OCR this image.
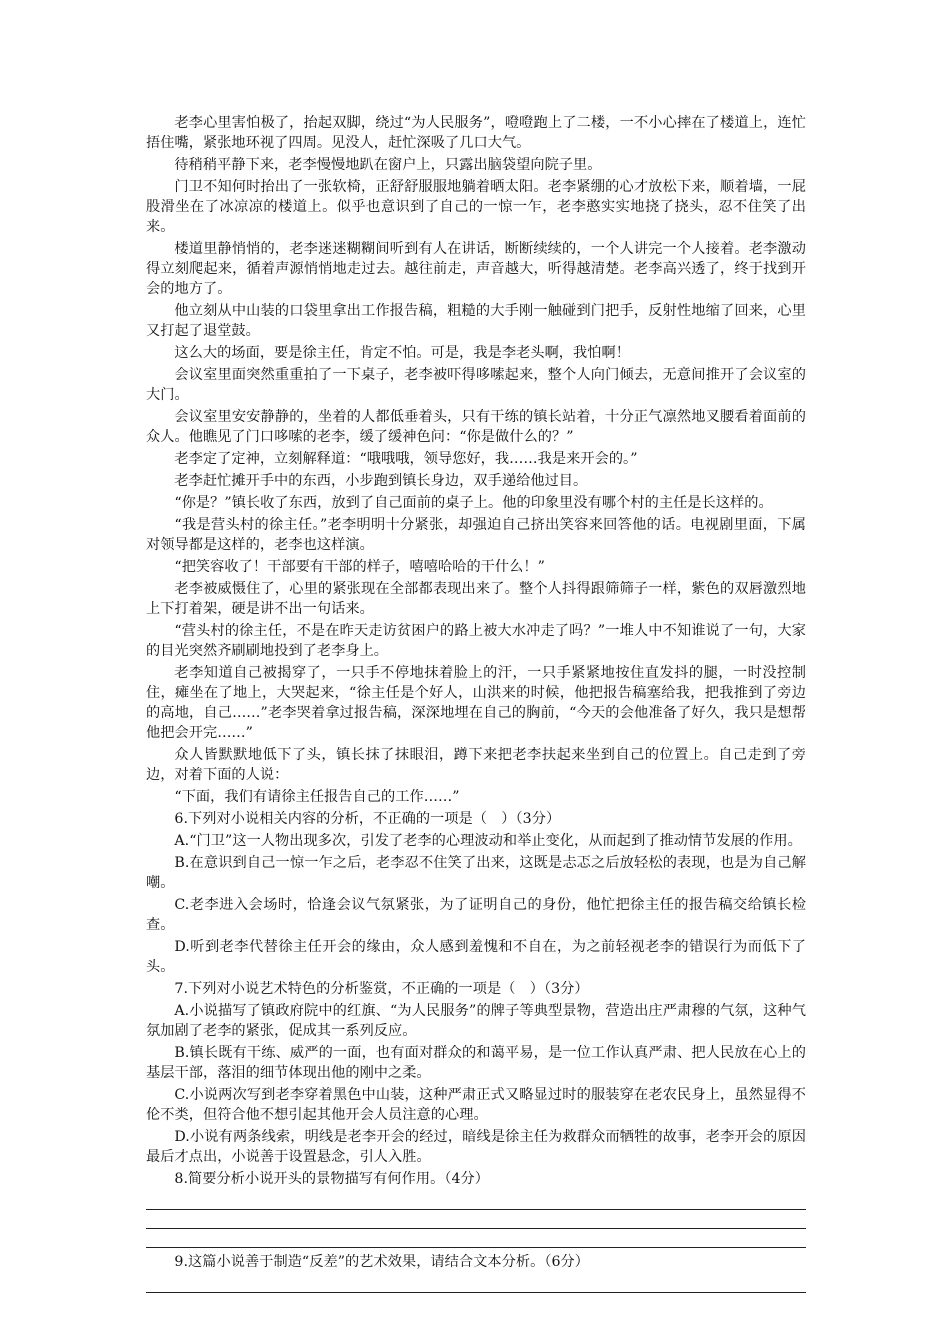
老李心里害怕极了，抬起双脚，绕过“为人民服务”，噔噔跑上了二楼，一不小心摔在了楼道上，连忙捂住嘴，紧张地环视了四周。见没人，赶忙深吸了几口大气。

待稍稍平静下来，老李慢慢地趴在窗户上，只露出脑袋望向院子里。

门卫不知何时抬出了一张软椅，正舒舒服服地躺着晒太阳。老李紧绷的心才放松下来，顺着墙，一屁股滑坐在了冰凉凉的楼道上。似乎也意识到了自己的一惊一乍，老李憨实实地挠了挠头，忍不住笑了出来。

楼道里静悄悄的，老李迷迷糊糊间听到有人在讲话，断断续续的，一个人讲完一个人接着。老李激动得立刻爬起来，循着声源悄悄地走过去。越往前走，声音越大，听得越清楚。老李高兴透了，终于找到开会的地方了。

他立刻从中山装的口袋里拿出工作报告稿，粗糙的大手刚一触碰到门把手，反射性地缩了回来，心里又打起了退堂鼓。

这么大的场面，要是徐主任，肯定不怕。可是，我是李老头啊，我怕啊！

会议室里面突然重重拍了一下桌子，老李被吓得哆嗦起来，整个人向门倾去，无意间推开了会议室的大门。

会议室里安安静静的，坐着的人都低垂着头，只有干练的镇长站着，十分正气凛然地叉腰看着面前的众人。他瞧见了门口哆嗦的老李，缓了缓神色问：“你是做什么的？”

老李定了定神，立刻解释道：“哦哦哦，领导您好，我……我是来开会的。”

老李赶忙摊开手中的东西，小步跑到镇长身边，双手递给他过目。

“你是？”镇长收了东西，放到了自己面前的桌子上。他的印象里没有哪个村的主任是长这样的。

“我是营头村的徐主任。”老李明明十分紧张，却强迫自己挤出笑容来回答他的话。电视剧里面，下属对领导都是这样的，老李也这样演。

“把笑容收了！干部要有干部的样子，嘻嘻哈哈的干什么！”

老李被威慑住了，心里的紧张现在全部都表现出来了。整个人抖得跟筛筛子一样，紫色的双唇激烈地上下打着架，硬是讲不出一句话来。

“营头村的徐主任，不是在昨天走访贫困户的路上被大水冲走了吗？”一堆人中不知谁说了一句，大家的目光突然齐刷刷地投到了老李身上。

老李知道自己被揭穿了，一只手不停地抹着脸上的汗，一只手紧紧地按住直发抖的腿，一时没控制住，瘫坐在了地上，大哭起来，“徐主任是个好人，山洪来的时候，他把报告稿塞给我，把我推到了旁边的高地，自己……”老李哭着拿过报告稿，深深地埋在自己的胸前，“今天的会他准备了好久，我只是想帮他把会开完……”

众人皆默默地低下了头，镇长抹了抹眼泪，蹲下来把老李扶起来坐到自己的位置上。自己走到了旁边，对着下面的人说：

“下面，我们有请徐主任报告自己的工作……”

6.下列对小说相关内容的分析，不正确的一项是（　）（3分）

A.“门卫”这一人物出现多次，引发了老李的心理波动和举止变化，从而起到了推动情节发展的作用。

B.在意识到自己一惊一乍之后，老李忍不住笑了出来，这既是忐忑之后放轻松的表现，也是为自己解嘲。

C.老李进入会场时，恰逢会议气氛紧张，为了证明自己的身份，他忙把徐主任的报告稿交给镇长检查。

D.听到老李代替徐主任开会的缘由，众人感到羞愧和不自在，为之前轻视老李的错误行为而低下了头。

7.下列对小说艺术特色的分析鉴赏，不正确的一项是（　）（3分）

A.小说描写了镇政府院中的红旗、“为人民服务”的牌子等典型景物，营造出庄严肃穆的气氛，这种气氛加剧了老李的紧张，促成其一系列反应。

B.镇长既有干练、威严的一面，也有面对群众的和蔼平易，是一位工作认真严肃、把人民放在心上的基层干部，落泪的细节体现出他的刚中之柔。

C.小说两次写到老李穿着黑色中山装，这种严肃正式又略显过时的服装穿在老农民身上，虽然显得不伦不类，但符合他不想引起其他开会人员注意的心理。

D.小说有两条线索，明线是老李开会的经过，暗线是徐主任为救群众而牺牲的故事，老李开会的原因最后才点出，小说善于设置悬念，引人入胜。

8.简要分析小说开头的景物描写有何作用。（4分）

9.这篇小说善于制造“反差”的艺术效果，请结合文本分析。（6分）
